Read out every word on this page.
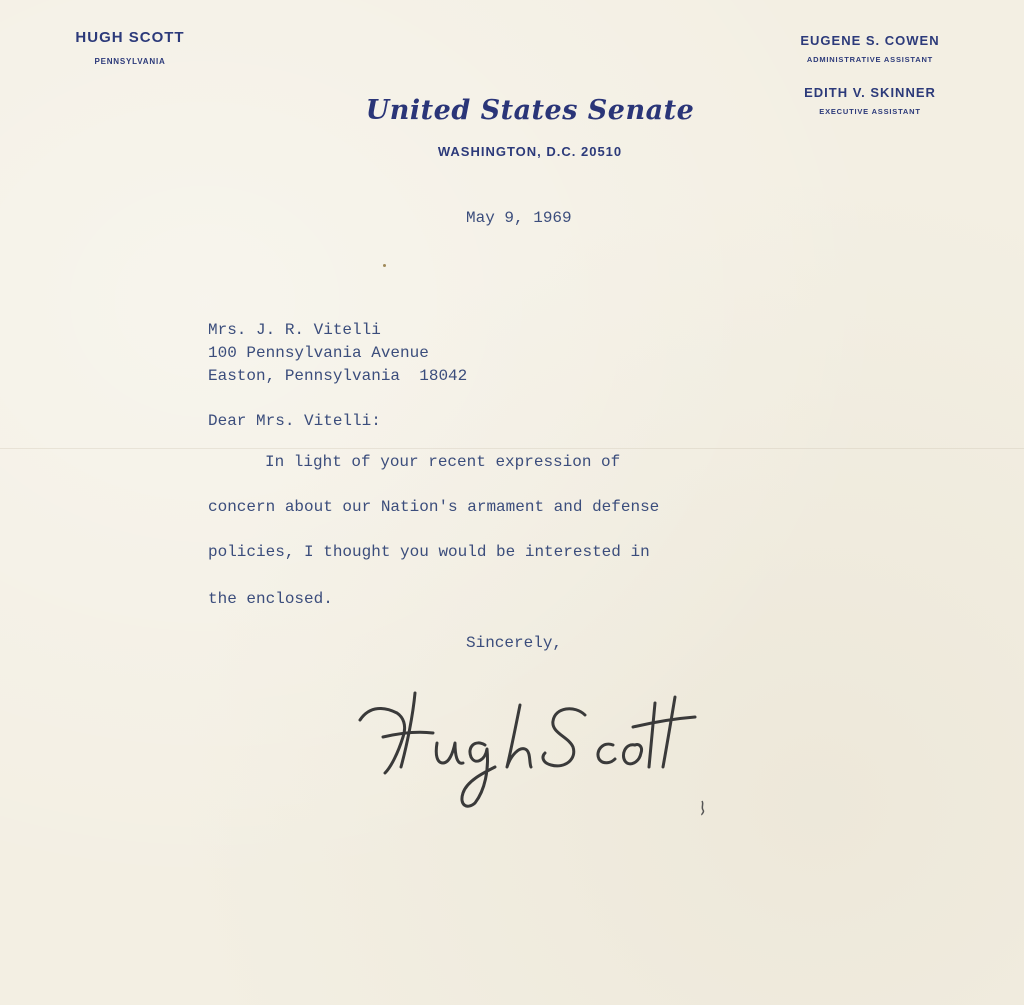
HUGH SCOTT
PENNSYLVANIA
EUGENE S. COWEN
ADMINISTRATIVE ASSISTANT
EDITH V. SKINNER
EXECUTIVE ASSISTANT
United States Senate
WASHINGTON, D.C. 20510
May 9, 1969
Mrs. J. R. Vitelli
100 Pennsylvania Avenue
Easton, Pennsylvania  18042
Dear Mrs. Vitelli:
In light of your recent expression of
concern about our Nation's armament and defense
policies, I thought you would be interested in
the enclosed.
Sincerely,
